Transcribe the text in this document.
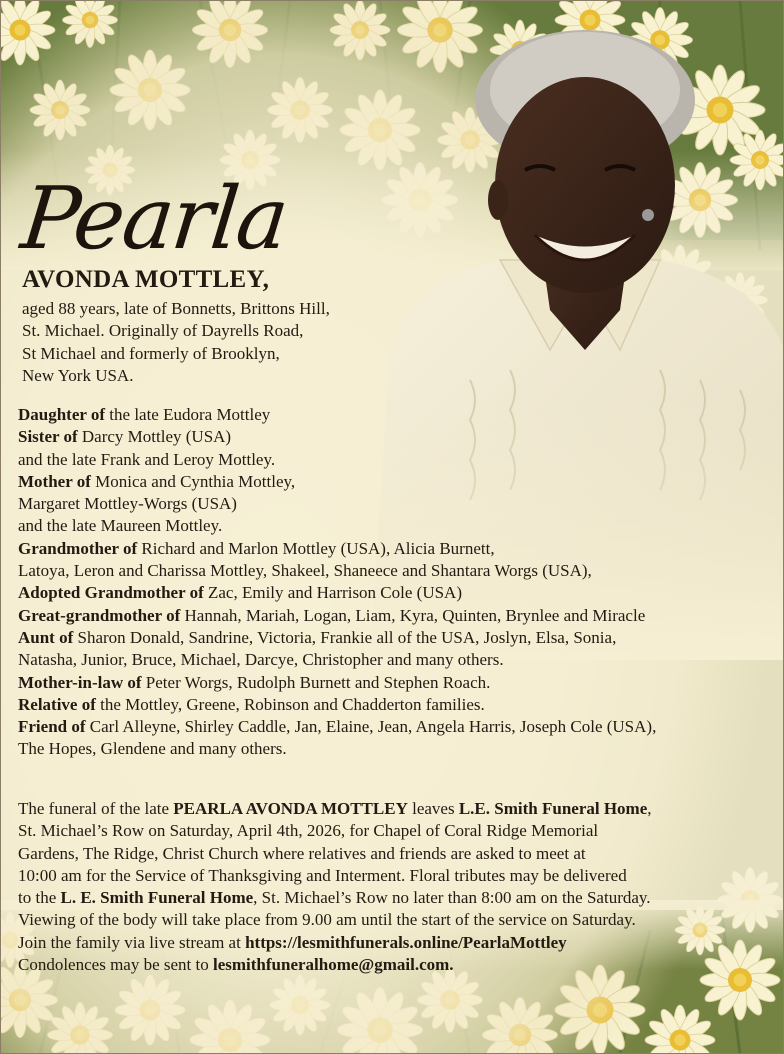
Pearla
AVONDA MOTTLEY,
aged 88 years, late of Bonnetts, Brittons Hill,
St. Michael. Originally of Dayrells Road,
St Michael and formerly of Brooklyn,
New York USA.
Daughter of the late Eudora Mottley
Sister of Darcy Mottley (USA)
and the late Frank and Leroy Mottley.
Mother of Monica and Cynthia Mottley,
Margaret Mottley-Worgs (USA)
and the late Maureen Mottley.
Grandmother of Richard and Marlon Mottley (USA), Alicia Burnett,
Latoya, Leron and Charissa Mottley, Shakeel, Shaneece and Shantara Worgs (USA),
Adopted Grandmother of Zac, Emily and Harrison Cole (USA)
Great-grandmother of Hannah, Mariah, Logan, Liam, Kyra, Quinten, Brynlee and Miracle
Aunt of Sharon Donald, Sandrine, Victoria, Frankie all of the USA, Joslyn, Elsa, Sonia,
Natasha, Junior, Bruce, Michael, Darcye, Christopher and many others.
Mother-in-law of Peter Worgs, Rudolph Burnett and Stephen Roach.
Relative of the Mottley, Greene, Robinson and Chadderton families.
Friend of Carl Alleyne, Shirley Caddle, Jan, Elaine, Jean, Angela Harris, Joseph Cole (USA),
The Hopes, Glendene and many others.
The funeral of the late PEARLA AVONDA MOTTLEY leaves L.E. Smith Funeral Home,
St. Michael’s Row on Saturday, April 4th, 2026, for Chapel of Coral Ridge Memorial
Gardens, The Ridge, Christ Church where relatives and friends are asked to meet at
10:00 am for the Service of Thanksgiving and Interment. Floral tributes may be delivered
to the L. E. Smith Funeral Home, St. Michael’s Row no later than 8:00 am on the Saturday.
Viewing of the body will take place from 9.00 am until the start of the service on Saturday.
Join the family via live stream at https://lesmithfunerals.online/PearlaMottley
Condolences may be sent to lesmithfuneralhome@gmail.com.
